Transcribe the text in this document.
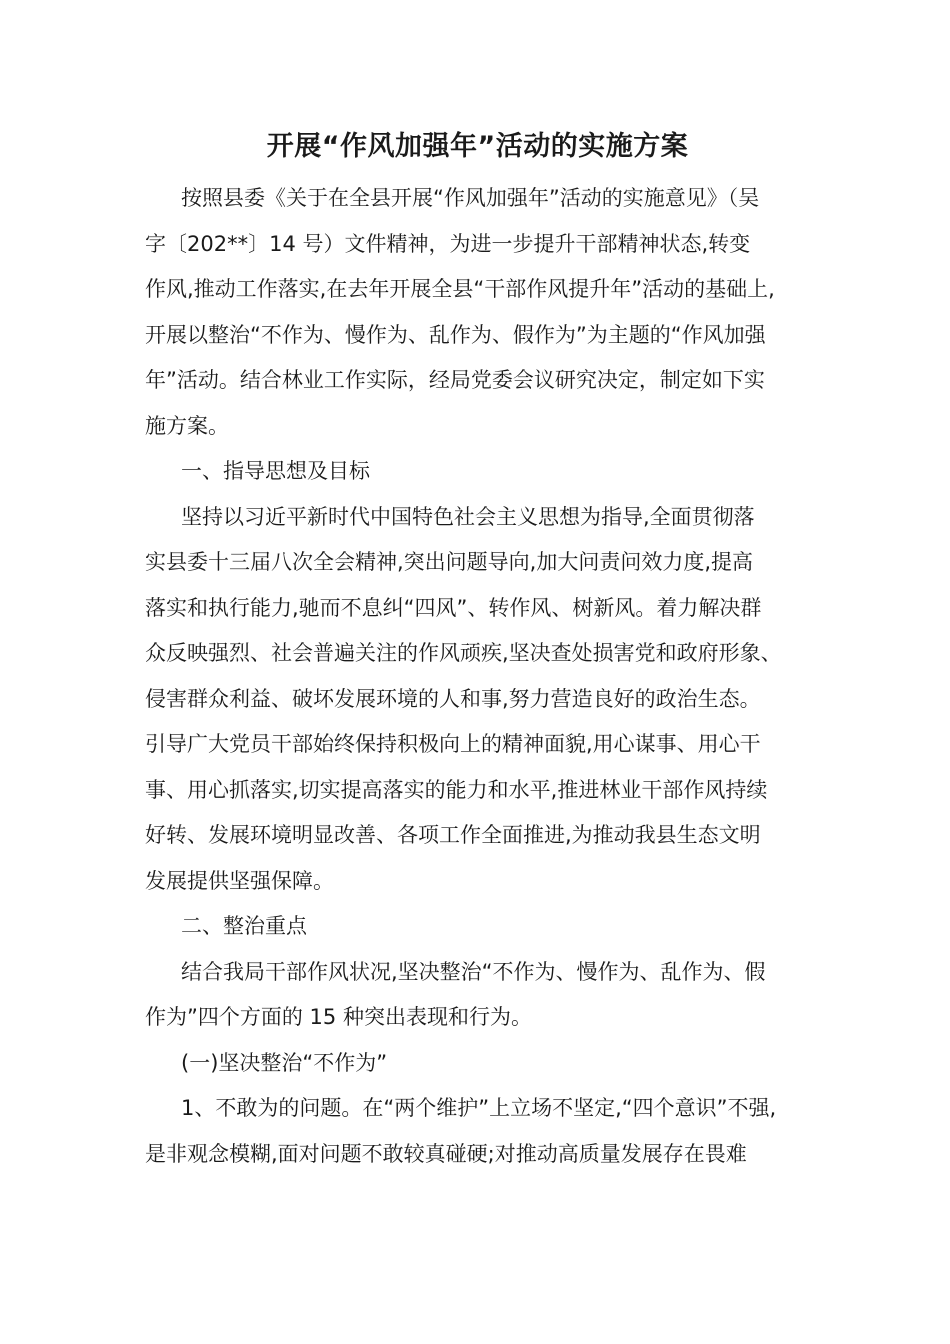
开展“作风加强年”活动的实施方案

按照县委《关于在全县开展“作风加强年”活动的实施意见》（吴
字〔202**〕14 号）文件精神，为进一步提升干部精神状态,转变
作风,推动工作落实,在去年开展全县“干部作风提升年”活动的基础上,
开展以整治“不作为、慢作为、乱作为、假作为”为主题的“作风加强
年”活动。结合林业工作实际，经局党委会议研究决定，制定如下实
施方案。

一、指导思想及目标

坚持以习近平新时代中国特色社会主义思想为指导,全面贯彻落
实县委十三届八次全会精神,突出问题导向,加大问责问效力度,提高
落实和执行能力,驰而不息纠“四风”、转作风、树新风。着力解决群
众反映强烈、社会普遍关注的作风顽疾,坚决查处损害党和政府形象、
侵害群众利益、破坏发展环境的人和事,努力营造良好的政治生态。
引导广大党员干部始终保持积极向上的精神面貌,用心谋事、用心干
事、用心抓落实,切实提高落实的能力和水平,推进林业干部作风持续
好转、发展环境明显改善、各项工作全面推进,为推动我县生态文明
发展提供坚强保障。

二、整治重点

结合我局干部作风状况,坚决整治“不作为、慢作为、乱作为、假
作为”四个方面的 15 种突出表现和行为。

(一)坚决整治“不作为”

1、不敢为的问题。在“两个维护”上立场不坚定,“四个意识”不强,
是非观念模糊,面对问题不敢较真碰硬;对推动高质量发展存在畏难
